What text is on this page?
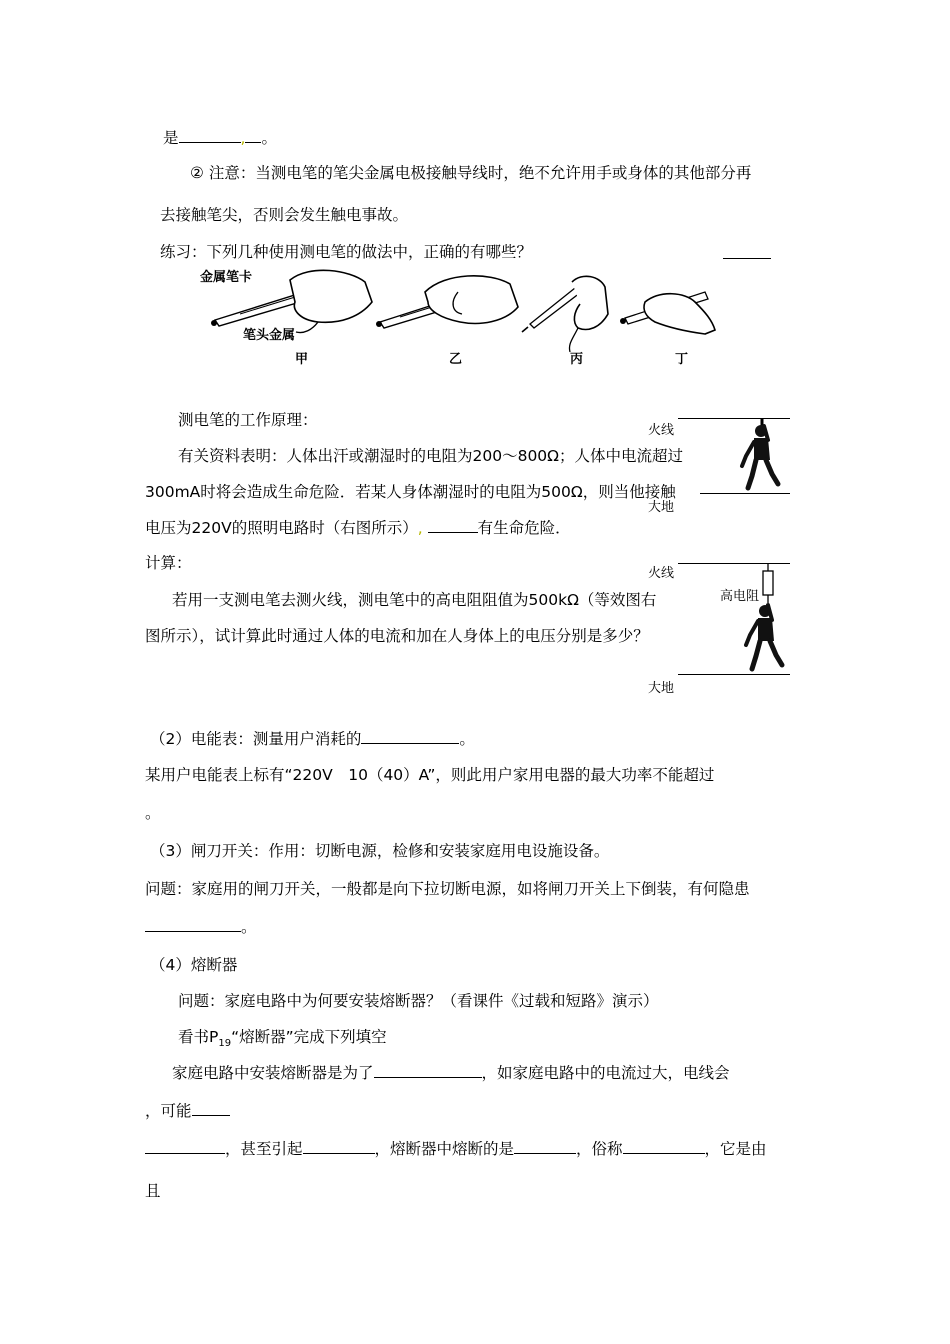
是	, 。
② 注意：当测电笔的笔尖金属电极接触导线时，绝不允许用手或身体的其他部分再
去接触笔尖，否则会发生触电事故。
练习：下列几种使用测电笔的做法中，正确的有哪些？
金属笔卡
笔头金属
甲	乙	丙	丁
测电笔的工作原理：
有关资料表明：人体出汗或潮湿时的电阻为200～800Ω；人体中电流超过
300mA时将会造成生命危险．若某人身体潮湿时的电阻为500Ω，则当他接触
电压为220V的照明电路时（右图所示）,	有生命危险．
火线
大地
计算：
若用一支测电笔去测火线，测电笔中的高电阻阻值为500kΩ（等效图右
图所示），试计算此时通过人体的电流和加在人身体上的电压分别是多少？
火线
高电阻
大地
（2）电能表：测量用户消耗的	。
某用户电能表上标有“220V　10（40）A”，则此用户家用电器的最大功率不能超过
。
（3）闸刀开关：作用：切断电源，检修和安装家庭用电设施设备。
问题：家庭用的闸刀开关，一般都是向下拉切断电源，如将闸刀开关上下倒装，有何隐患
。
（4）熔断器
问题：家庭电路中为何要安装熔断器？（看课件《过载和短路》演示）
看书$P_{19}“$熔断器”完成下列填空
家庭电路中安装熔断器是为了	，如家庭电路中的电流过大，电线会
，可能
，甚至引起	，熔断器中熔断的是	，俗称	，它是由
且
